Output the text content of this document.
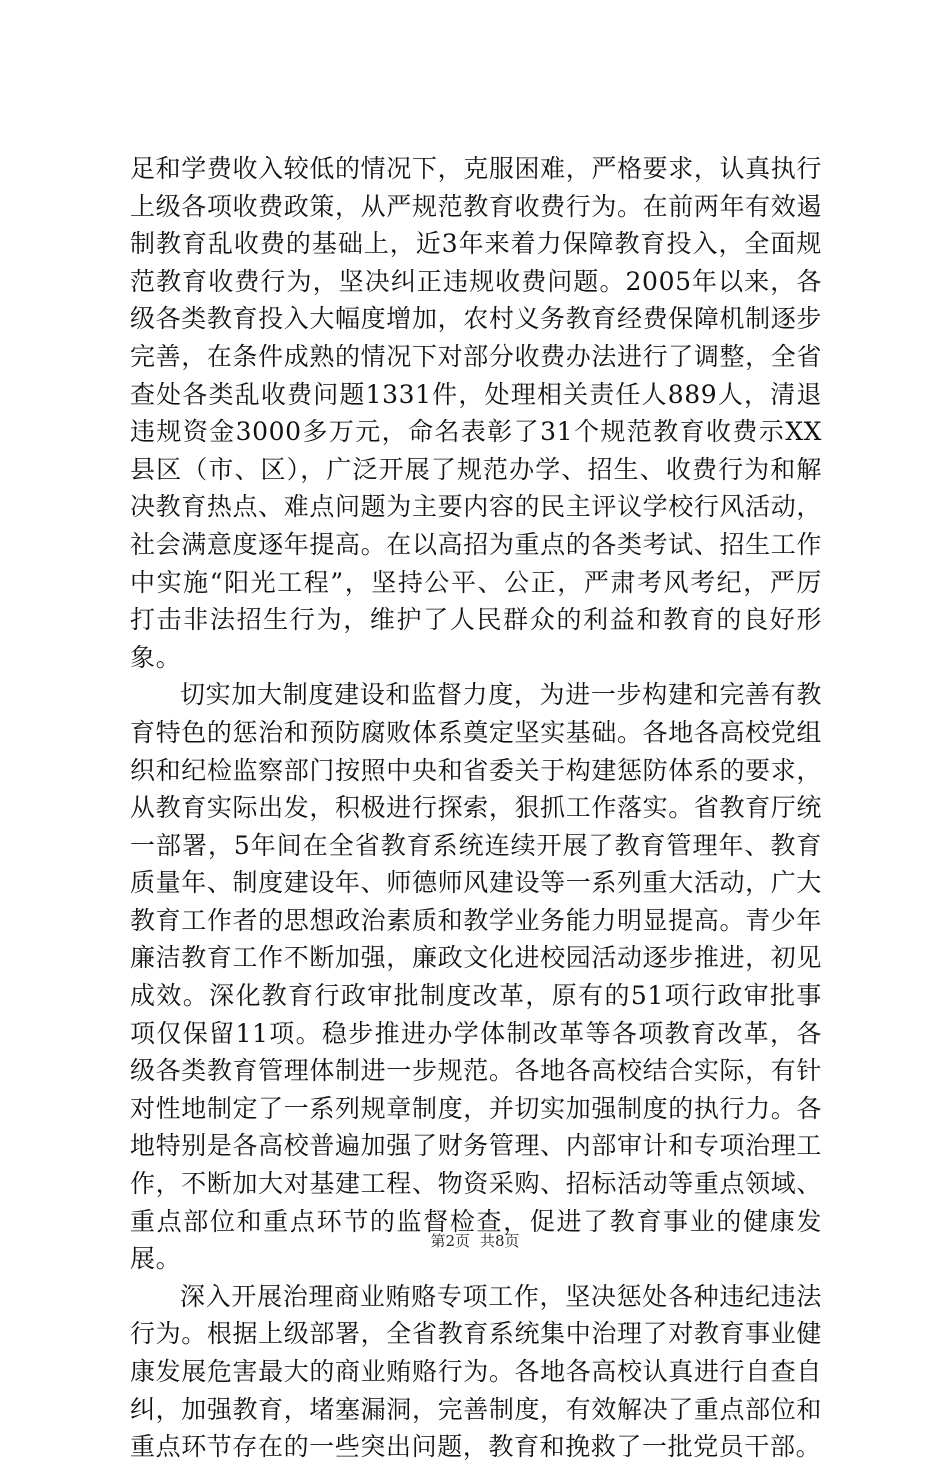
足和学费收入较低的情况下，克服困难，严格要求，认真执行上级各项收费政策，从严规范教育收费行为。在前两年有效遏制教育乱收费的基础上，近3年来着力保障教育投入，全面规范教育收费行为，坚决纠正违规收费问题。2005年以来，各级各类教育投入大幅度增加，农村义务教育经费保障机制逐步完善，在条件成熟的情况下对部分收费办法进行了调整，全省查处各类乱收费问题1331件，处理相关责任人889人，清退违规资金3000多万元，命名表彰了31个规范教育收费示XX县区（市、区），广泛开展了规范办学、招生、收费行为和解决教育热点、难点问题为主要内容的民主评议学校行风活动，社会满意度逐年提高。在以高招为重点的各类考试、招生工作中实施“阳光工程”，坚持公平、公正，严肃考风考纪，严厉打击非法招生行为，维护了人民群众的利益和教育的良好形象。

切实加大制度建设和监督力度，为进一步构建和完善有教育特色的惩治和预防腐败体系奠定坚实基础。各地各高校党组织和纪检监察部门按照中央和省委关于构建惩防体系的要求，从教育实际出发，积极进行探索，狠抓工作落实。省教育厅统一部署，5年间在全省教育系统连续开展了教育管理年、教育质量年、制度建设年、师德师风建设等一系列重大活动，广大教育工作者的思想政治素质和教学业务能力明显提高。青少年廉洁教育工作不断加强，廉政文化进校园活动逐步推进，初见成效。深化教育行政审批制度改革，原有的51项行政审批事项仅保留11项。稳步推进办学体制改革等各项教育改革，各级各类教育管理体制进一步规范。各地各高校结合实际，有针对性地制定了一系列规章制度，并切实加强制度的执行力。各地特别是各高校普遍加强了财务管理、内部审计和专项治理工作，不断加大对基建工程、物资采购、招标活动等重点领域、重点部位和重点环节的监督检查，促进了教育事业的健康发展。

深入开展治理商业贿赂专项工作，坚决惩处各种违纪违法行为。根据上级部署，全省教育系统集中治理了对教育事业健康发展危害最大的商业贿赂行为。各地各高校认真进行自查自纠，加强教育，堵塞漏洞，完善制度，有效解决了重点部位和重点环节存在的一些突出问题，教育和挽救了一批党员干部。

第2页 共8页
